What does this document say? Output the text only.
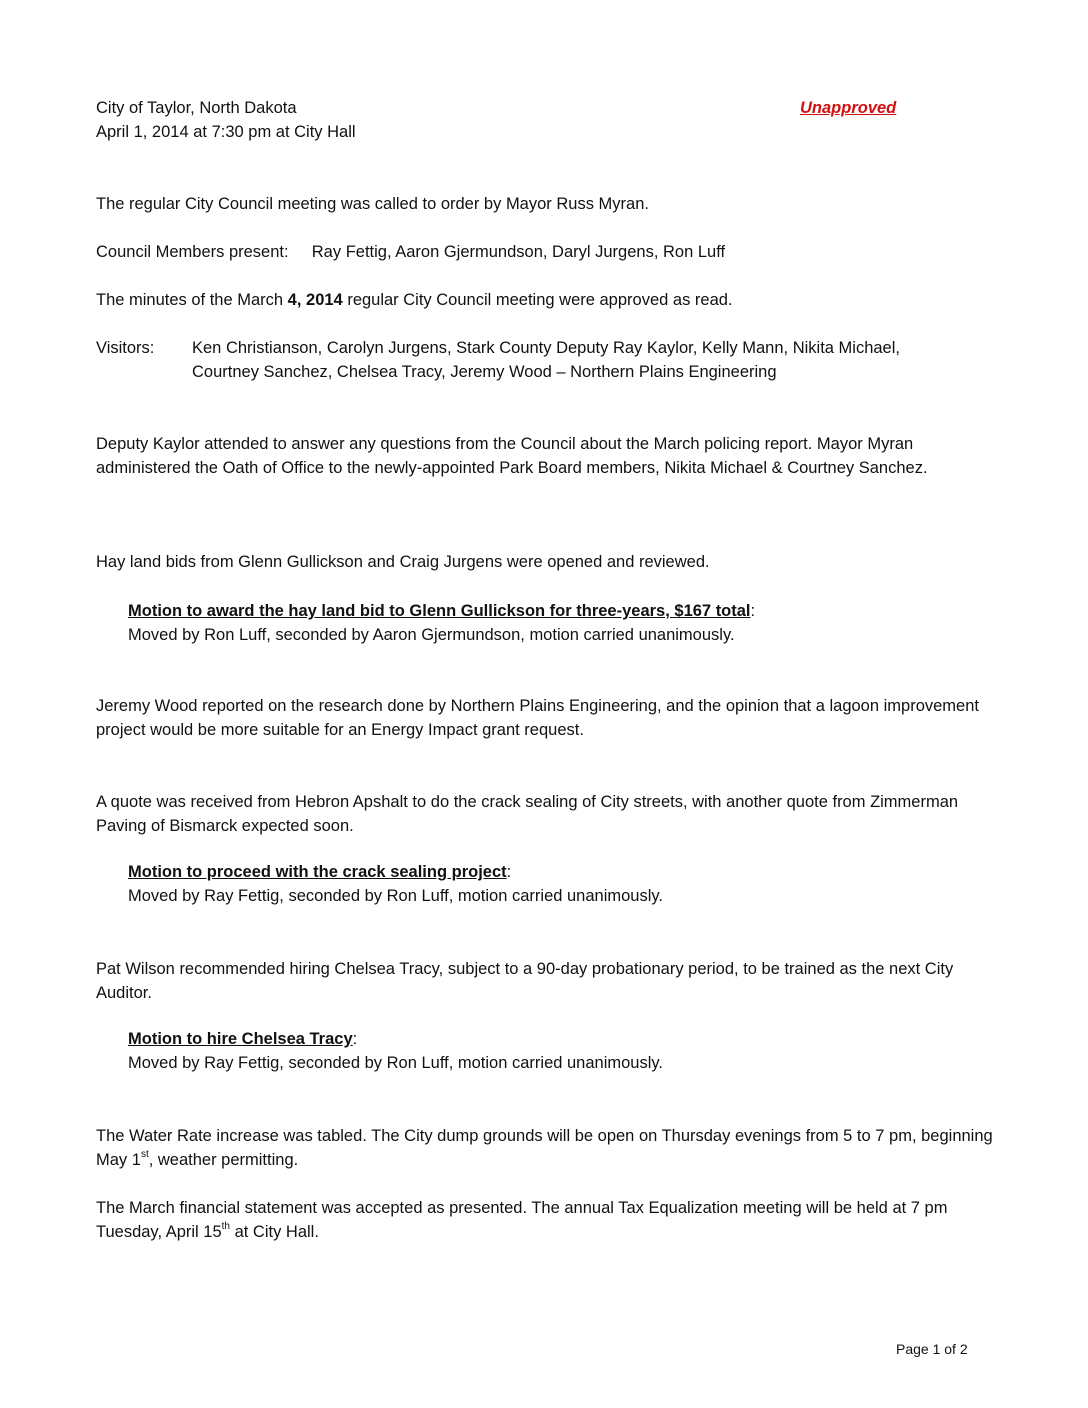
City of Taylor, North Dakota
April 1, 2014 at 7:30 pm at City Hall
Unapproved

The regular City Council meeting was called to order by Mayor Russ Myran.

Council Members present: Ray Fettig, Aaron Gjermundson, Daryl Jurgens, Ron Luff

The minutes of the March 4, 2014 regular City Council meeting were approved as read.

Visitors: Ken Christianson, Carolyn Jurgens, Stark County Deputy Ray Kaylor, Kelly Mann, Nikita Michael,
Courtney Sanchez, Chelsea Tracy, Jeremy Wood – Northern Plains Engineering

Deputy Kaylor attended to answer any questions from the Council about the March policing report. Mayor Myran administered the Oath of Office to the newly-appointed Park Board members, Nikita Michael & Courtney Sanchez.

Hay land bids from Glenn Gullickson and Craig Jurgens were opened and reviewed.

Motion to award the hay land bid to Glenn Gullickson for three-years, $167 total:
Moved by Ron Luff, seconded by Aaron Gjermundson, motion carried unanimously.

Jeremy Wood reported on the research done by Northern Plains Engineering, and the opinion that a lagoon improvement project would be more suitable for an Energy Impact grant request.

A quote was received from Hebron Apshalt to do the crack sealing of City streets, with another quote from Zimmerman Paving of Bismarck expected soon.

Motion to proceed with the crack sealing project:
Moved by Ray Fettig, seconded by Ron Luff, motion carried unanimously.

Pat Wilson recommended hiring Chelsea Tracy, subject to a 90-day probationary period, to be trained as the next City Auditor.

Motion to hire Chelsea Tracy:
Moved by Ray Fettig, seconded by Ron Luff, motion carried unanimously.

The Water Rate increase was tabled. The City dump grounds will be open on Thursday evenings from 5 to 7 pm, beginning May 1st, weather permitting.

The March financial statement was accepted as presented. The annual Tax Equalization meeting will be held at 7 pm Tuesday, April 15th at City Hall.

Page 1 of 2
